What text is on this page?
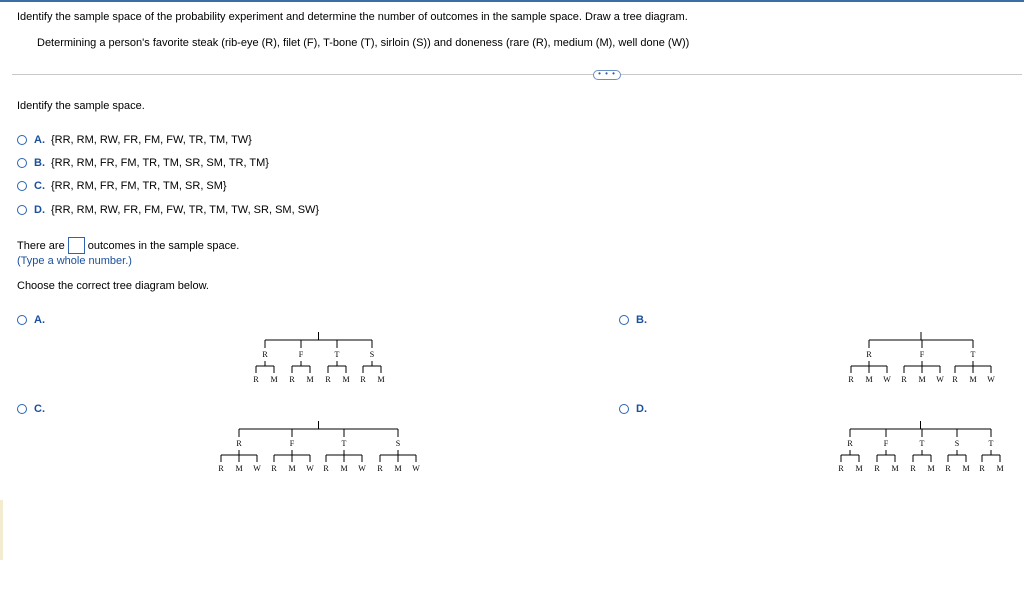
Identify the sample space of the probability experiment and determine the number of outcomes in the sample space. Draw a tree diagram.
Determining a person's favorite steak (rib-eye (R), filet (F), T-bone (T), sirloin (S)) and doneness (rare (R), medium (M), well done (W))
• • •
Identify the sample space.
A. {RR, RM, RW, FR, FM, FW, TR, TM, TW}
B. {RR, RM, FR, FM, TR, TM, SR, SM, TR, TM}
C. {RR, RM, FR, FM, TR, TM, SR, SM}
D. {RR, RM, RW, FR, FM, FW, TR, TM, TW, SR, SM, SW}
There are outcomes in the sample space.
(Type a whole number.)
Choose the correct tree diagram below.
A.	B.
C.	D.
R
R M
F
R M
T
R M
S
R M
R
R M W
F
R M W
T
R M W
R
R M W
F
R M W
T
R M W
S
R M W
R
R M
F
R M
T
R M
S
R M
T
R M
